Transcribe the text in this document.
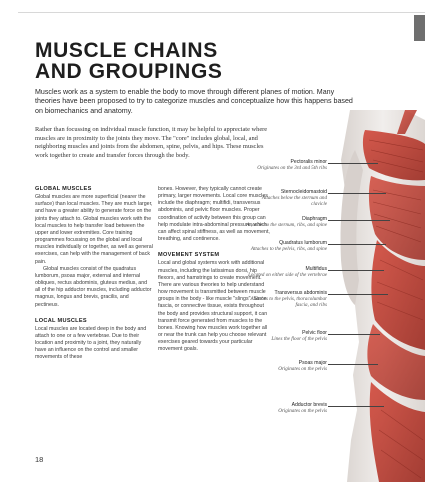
MUSCLE CHAINS
AND GROUPINGS

Muscles work as a system to enable the body to move through different planes of motion. Many theories have been proposed to try to categorize muscles and conceptualize how this happens based on biomechanics and anatomy.

Rather than focussing on individual muscle function, it may be helpful to appreciate where muscles are in proximity to the joints they move. The "core" includes global, local, and neighboring muscles and joints from the abdomen, spine, pelvis, and hips. These muscles work together to create and transfer forces through the body.

GLOBAL MUSCLES

Global muscles are more superficial (nearer the surface) than local muscles. They are much larger, and have a greater ability to generate force on the joints they attach to. Global muscles work with the local muscles to help transfer load between the upper and lower extremities. Core training programmes focussing on the global and local muscles individually or together, as well as general exercises, can help with the management of back pain.

Global muscles consist of the quadratus lumborum, psoas major, external and internal obliques, rectus abdominis, gluteus medius, and all of the hip adductor muscles, including adductor magnus, longus and brevis, gracilis, and pectineus.

LOCAL MUSCLES

Local muscles are located deep in the body and attach to one or a few vertebrae. Due to their location and proximity to a joint, they naturally have an influence on the control and smaller movements of these

bones. However, they typically cannot create primary, larger movements. Local core muscles include the diaphragm; multifidi, transversus abdominis, and pelvic floor muscles. Proper coordination of activity between this group can help modulate intra-abdominal pressure, which can affect spinal stiffness, as well as movement, breathing, and continence.

MOVEMENT SYSTEM

Local and global systems work with additional muscles, including the latissimus dorsi, hip flexors, and hamstrings to create movement. There are various theories to help understand how movement is transmitted between muscle groups in the body - like muscle "slings". Since fascia, or connective tissue, exists throughout the body and provides structural support, it can transmit force generated from muscles to the bones. Knowing how muscles work together all or near the trunk can help you choose relevant exercises geared towards your particular movement goals.

Pectoralis minor
Originates on the 3rd and 5th ribs
Sternocleidomastoid
Attaches below the sternum and clavicle
Diaphragm
Attaches to the sternum, ribs, and spine
Quadratus lumborum
Attaches to the pelvis, ribs, and spine
Multifidus
Located on either side of the vertebrae
Transversus abdominis
Attaches to the pelvis, thoracolumbar fascia, and ribs
Pelvic floor
Lines the floor of the pelvis
Psoas major
Originates on the pelvis
Adductor brevis
Originates on the pelvis
18
